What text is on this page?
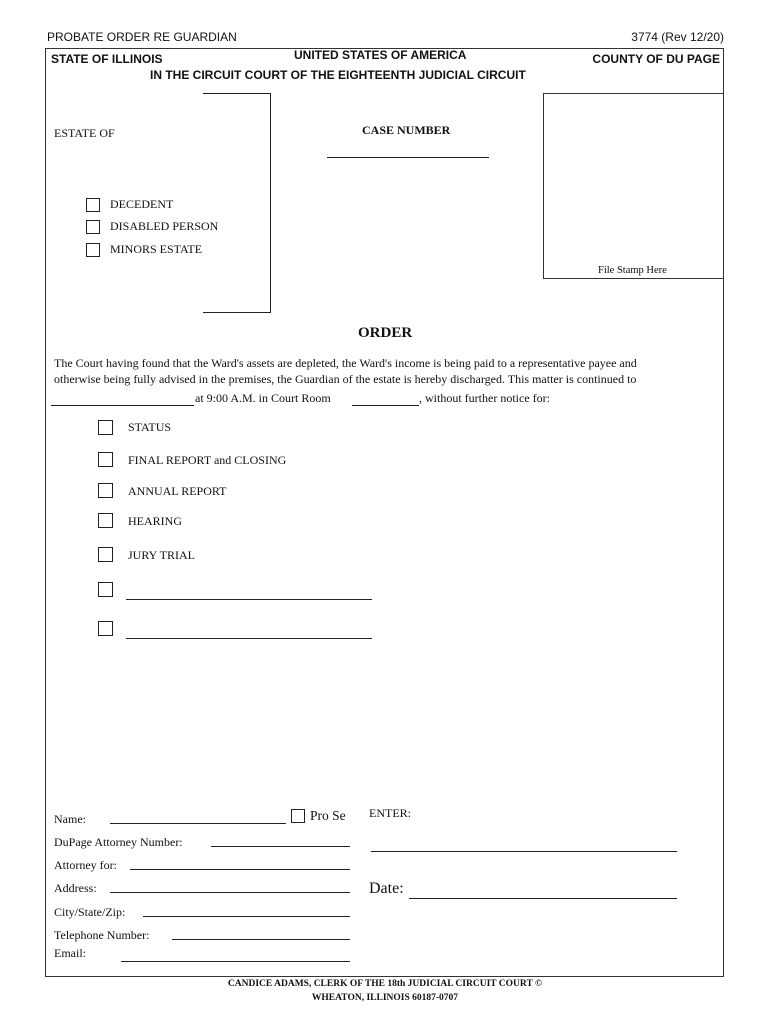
PROBATE ORDER RE GUARDIAN	3774 (Rev 12/20)
STATE OF ILLINOIS	UNITED STATES OF AMERICA	COUNTY OF DU PAGE
IN THE CIRCUIT COURT OF THE EIGHTEENTH JUDICIAL CIRCUIT
ESTATE OF
DECEDENT
DISABLED PERSON
MINORS ESTATE
CASE NUMBER
File Stamp Here
ORDER
The Court having found that the Ward's assets are depleted, the Ward's income is being paid to a representative payee and
otherwise being fully advised in the premises, the Guardian of the estate is hereby discharged. This matter is continued to
at 9:00 A.M. in Court Room	, without further notice for:
STATUS
FINAL REPORT and CLOSING
ANNUAL REPORT
HEARING
JURY TRIAL
Name:	Pro Se
DuPage Attorney Number:
Attorney for:
Address:
City/State/Zip:
Telephone Number:
Email:
ENTER:
Date:
CANDICE ADAMS, CLERK OF THE 18th JUDICIAL CIRCUIT COURT ©
WHEATON, ILLINOIS 60187-0707
